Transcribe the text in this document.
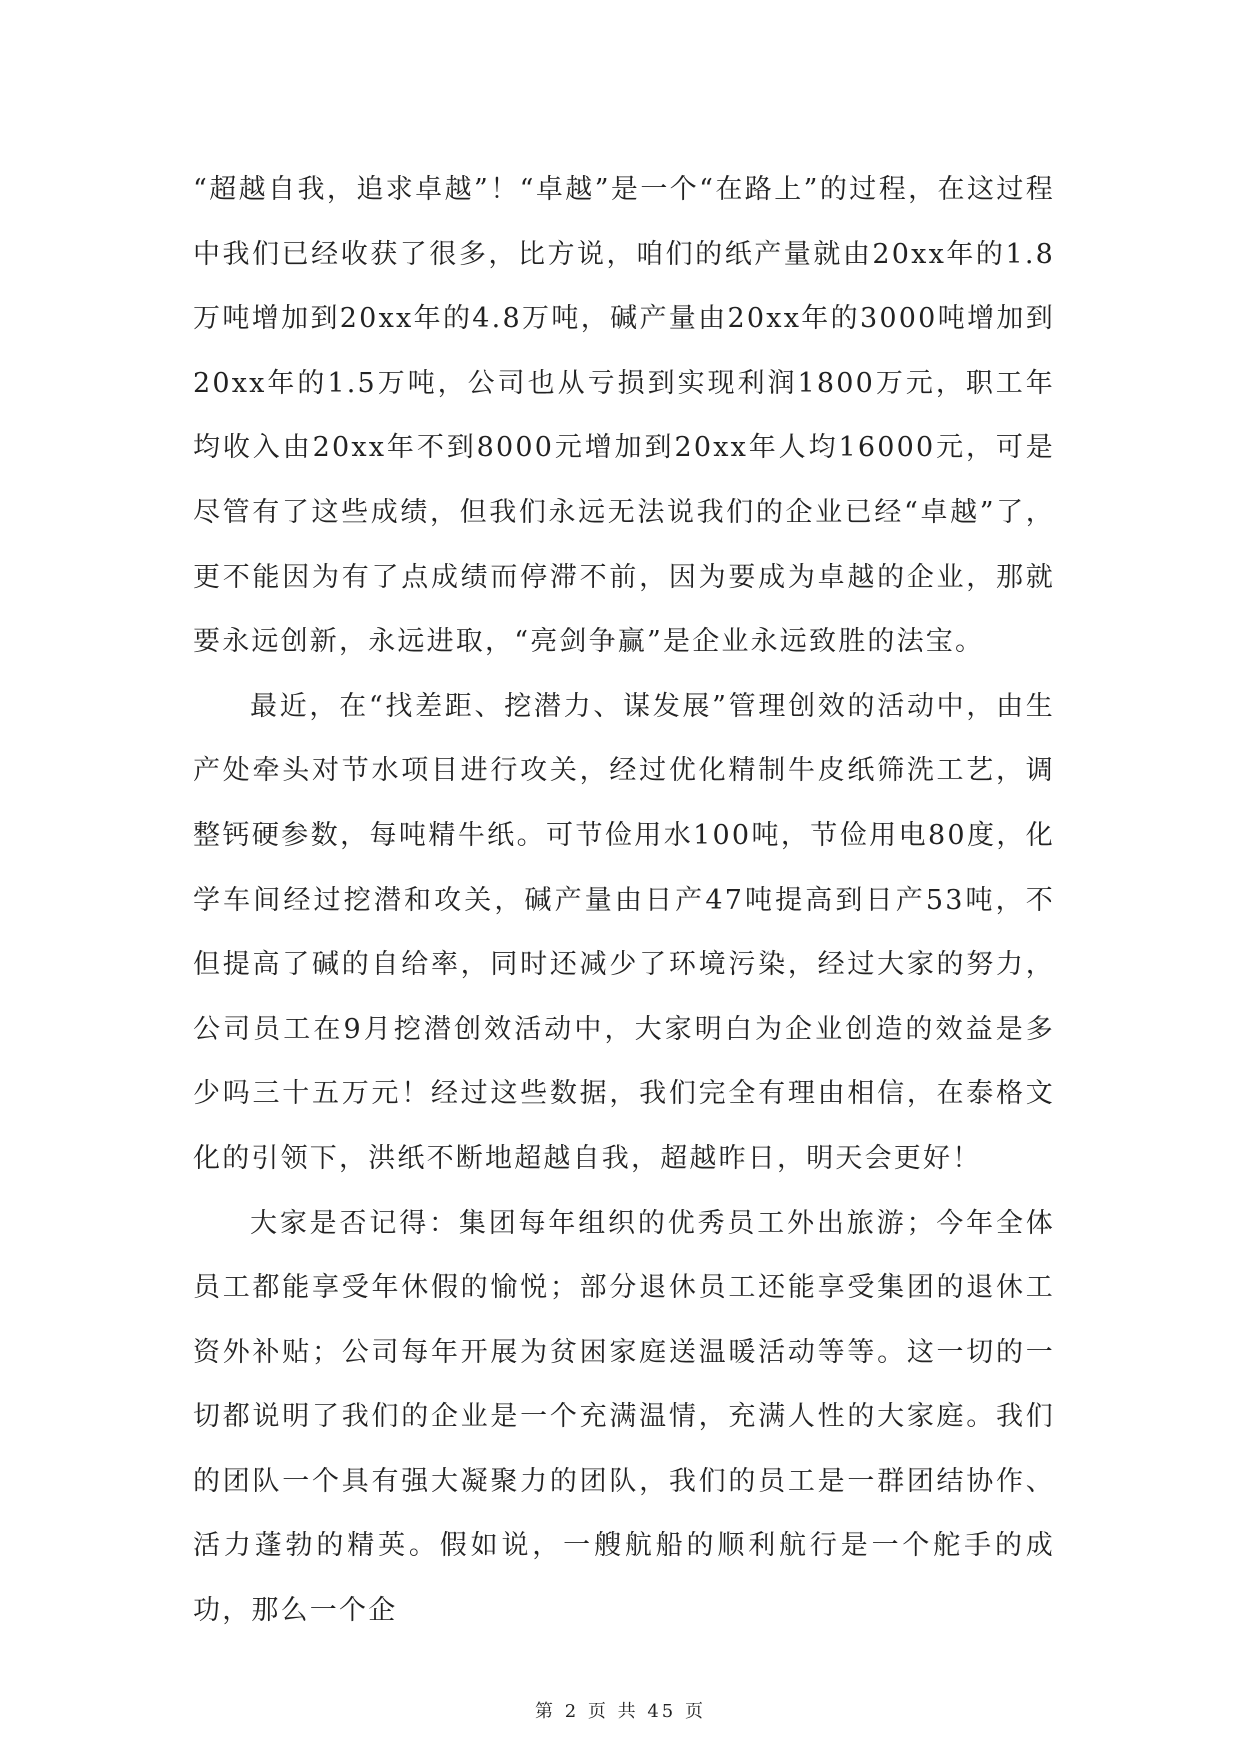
“超越自我，追求卓越”！“卓越”是一个“在路上”的过程，在这过程中我们已经收获了很多，比方说，咱们的纸产量就由20xx年的1.8万吨增加到20xx年的4.8万吨，碱产量由20xx年的3000吨增加到20xx年的1.5万吨，公司也从亏损到实现利润1800万元，职工年均收入由20xx年不到8000元增加到20xx年人均16000元，可是尽管有了这些成绩，但我们永远无法说我们的企业已经“卓越”了，更不能因为有了点成绩而停滞不前，因为要成为卓越的企业，那就要永远创新，永远进取，“亮剑争赢”是企业永远致胜的法宝。

最近，在“找差距、挖潜力、谋发展”管理创效的活动中，由生产处牵头对节水项目进行攻关，经过优化精制牛皮纸筛洗工艺，调整钙硬参数，每吨精牛纸。可节俭用水100吨，节俭用电80度，化学车间经过挖潜和攻关，碱产量由日产47吨提高到日产53吨，不但提高了碱的自给率，同时还减少了环境污染，经过大家的努力，公司员工在9月挖潜创效活动中，大家明白为企业创造的效益是多少吗三十五万元！经过这些数据，我们完全有理由相信，在泰格文化的引领下，洪纸不断地超越自我，超越昨日，明天会更好！

大家是否记得：集团每年组织的优秀员工外出旅游；今年全体员工都能享受年休假的愉悦；部分退休员工还能享受集团的退休工资外补贴；公司每年开展为贫困家庭送温暖活动等等。这一切的一切都说明了我们的企业是一个充满温情，充满人性的大家庭。我们的团队一个具有强大凝聚力的团队，我们的员工是一群团结协作、活力蓬勃的精英。假如说，一艘航船的顺利航行是一个舵手的成功，那么一个企

第 2 页 共 45 页
